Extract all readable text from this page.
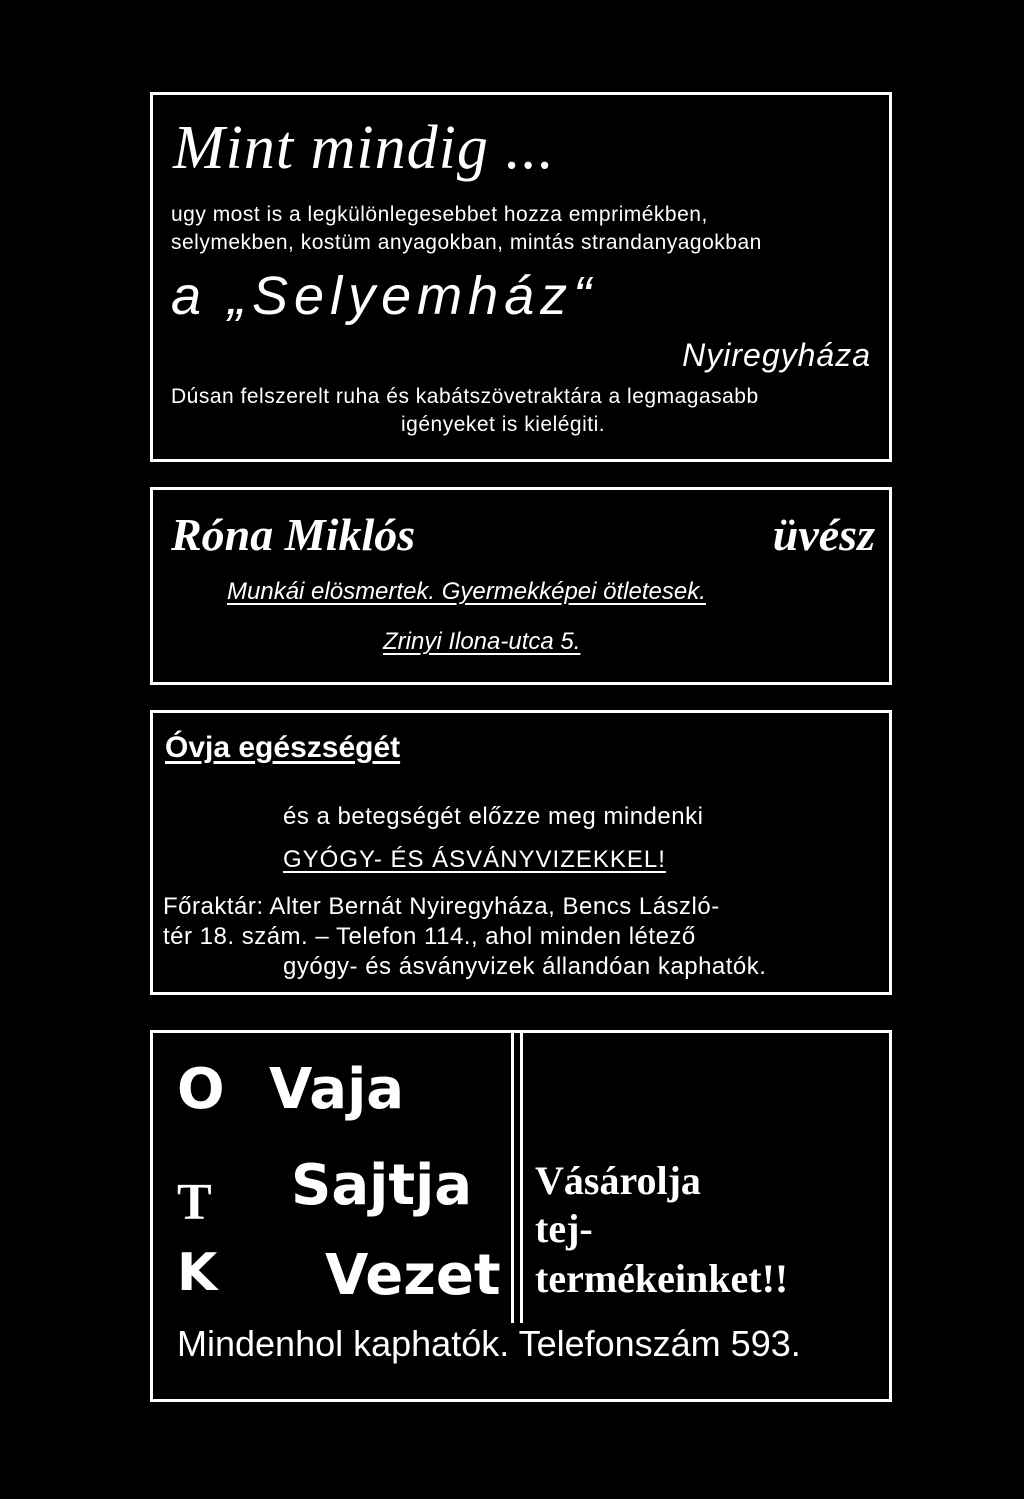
Mint mindig ...
ugy most is a legkülönlegesebbet hozza emprimékben,
selymekben, kostüm anyagokban, mintás strandanyagokban
a „Selyemház“
Nyiregyháza
Dúsan felszerelt ruha és kabátszövetraktára a legmagasabb
igényeket is kielégiti.
Róna Miklós	üvész
Munkái elösmertek. Gyermekképei ötletesek.
Zrinyi Ilona-utca 5.
Óvja egészségét
és a betegségét előzze meg mindenki
GYÓGY- ÉS ÁSVÁNYVIZEKKEL!
Főraktár: Alter Bernát Nyiregyháza, Bencs László-
tér 18. szám. – Telefon 114., ahol minden létező
gyógy- és ásványvizek állandóan kaphatók.
O Vaja
T Sajtja
K Vezet
Vásárolja
tej-
termékeinket!!
Mindenhol kaphatók. Telefonszám 593.
